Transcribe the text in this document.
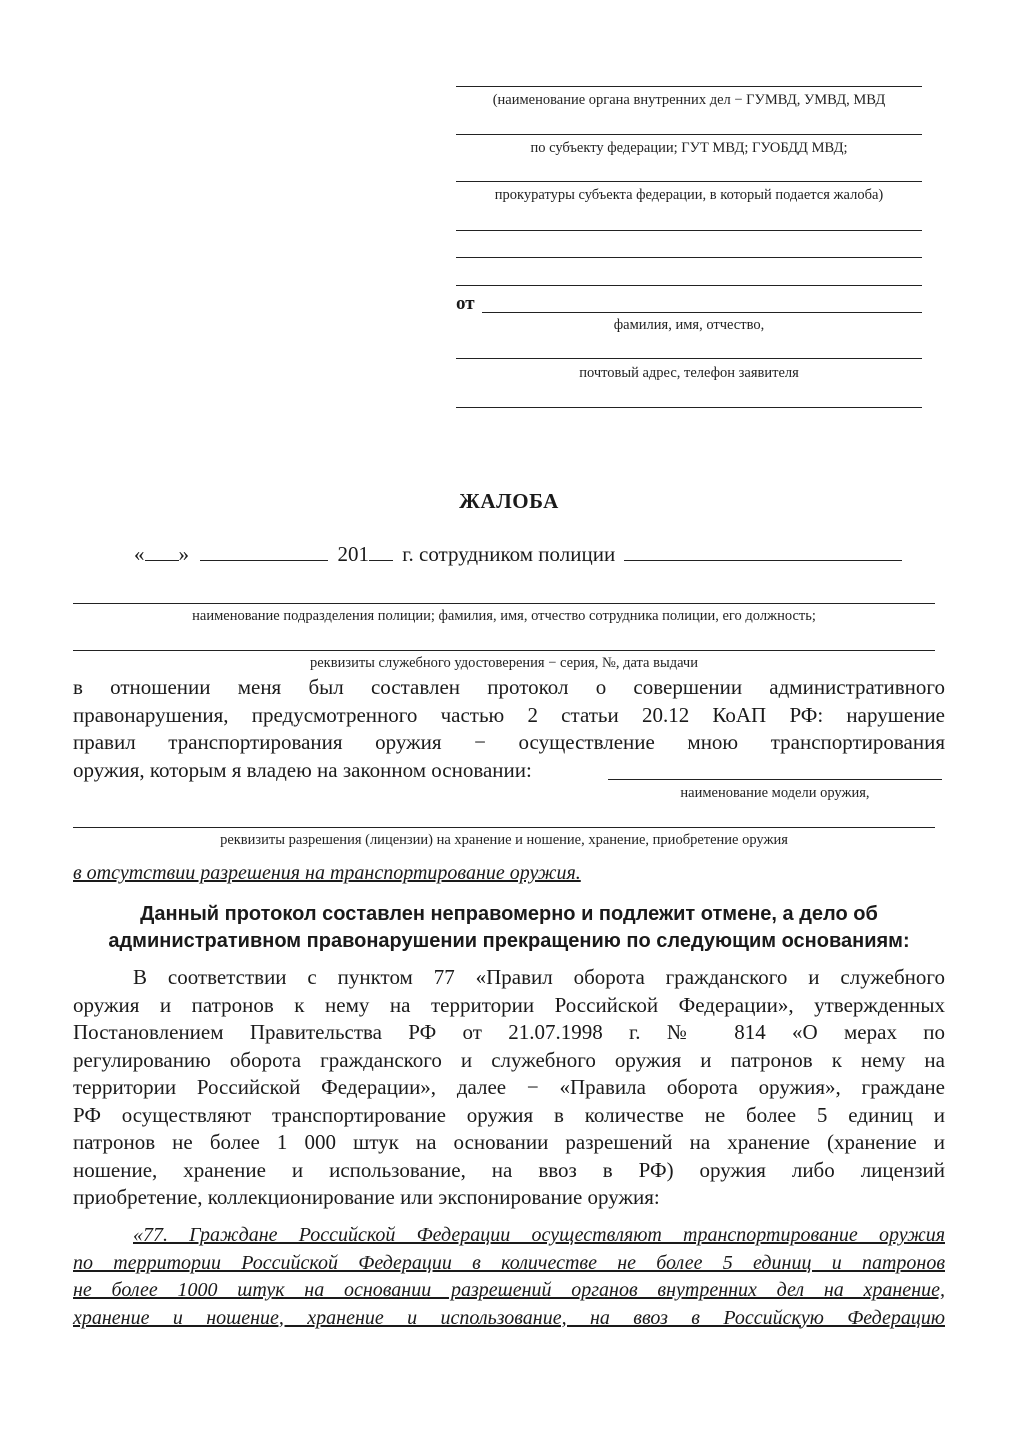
(наименование органа внутренних дел − ГУМВД, УМВД, МВД
по субъекту федерации; ГУТ МВД; ГУОБДД МВД;
прокуратуры субъекта федерации, в который подается жалоба)
от
фамилия, имя, отчество,
почтовый адрес, телефон заявителя
ЖАЛОБА
« »	201 г. сотрудником полиции
наименование подразделения полиции; фамилия, имя, отчество сотрудника полиции, его должность;
реквизиты служебного удостоверения − серия, №, дата выдачи
в отношении меня был составлен протокол о совершении административного
правонарушения, предусмотренного частью 2 статьи 20.12 КоАП РФ: нарушение
правил транспортирования оружия − осуществление мною транспортирования
оружия, которым я владею на законном основании:
наименование модели оружия,
реквизиты разрешения (лицензии) на хранение и ношение, хранение, приобретение оружия
в отсутствии разрешения на транспортирование оружия.
Данный протокол составлен неправомерно и подлежит отмене, а дело об
административном правонарушении прекращению по следующим основаниям:
В соответствии с пунктом 77 «Правил оборота гражданского и служебного
оружия и патронов к нему на территории Российской Федерации», утвержденных
Постановлением Правительства РФ от 21.07.1998 г. № 814 «О мерах по
регулированию оборота гражданского и служебного оружия и патронов к нему на
территории Российской Федерации», далее − «Правила оборота оружия», граждане
РФ осуществляют транспортирование оружия в количестве не более 5 единиц и
патронов не более 1 000 штук на основании разрешений на хранение (хранение и
ношение, хранение и использование, на ввоз в РФ) оружия либо лицензий
приобретение, коллекционирование или экспонирование оружия:
«77. Граждане Российской Федерации осуществляют транспортирование оружия
по территории Российской Федерации в количестве не более 5 единиц и патронов
не более 1000 штук на основании разрешений органов внутренних дел на хранение,
хранение и ношение, хранение и использование, на ввоз в Российскую Федерацию
